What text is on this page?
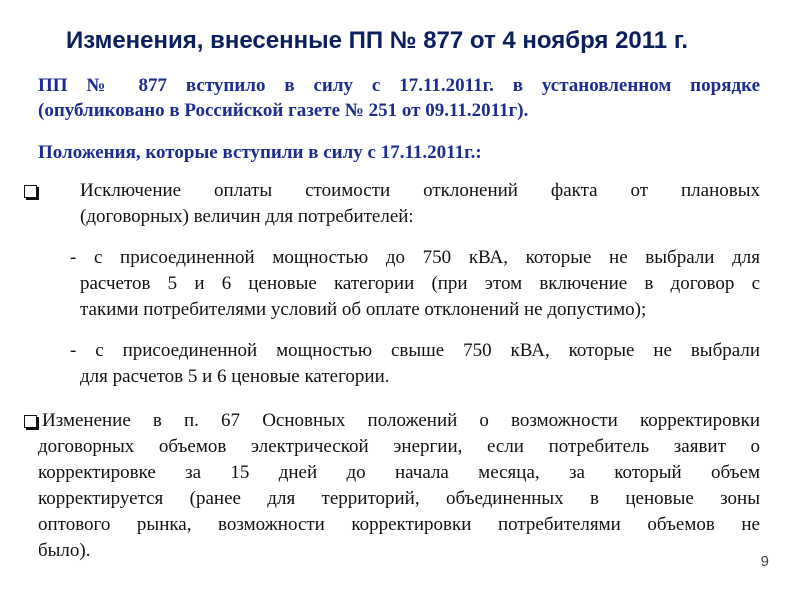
Изменения, внесенные ПП № 877 от 4 ноября 2011 г.
ПП № 877 вступило в силу с 17.11.2011г. в установленном порядке
(опубликовано в Российской газете № 251 от 09.11.2011г).
Положения, которые вступили в силу с 17.11.2011г.:
Исключение оплаты стоимости отклонений факта от плановых
(договорных) величин для потребителей:
- с присоединенной мощностью до 750 кВА, которые не выбрали для
расчетов 5 и 6 ценовые категории (при этом включение в договор с
такими потребителями условий об оплате отклонений не допустимо);
- с присоединенной мощностью свыше 750 кВА, которые не выбрали
для расчетов 5 и 6 ценовые категории.
Изменение в п. 67 Основных положений о возможности корректировки
договорных объемов электрической энергии, если потребитель заявит о
корректировке за 15 дней до начала месяца, за который объем
корректируется (ранее для территорий, объединенных в ценовые зоны
оптового рынка, возможности корректировки потребителями объемов не
было).
9
